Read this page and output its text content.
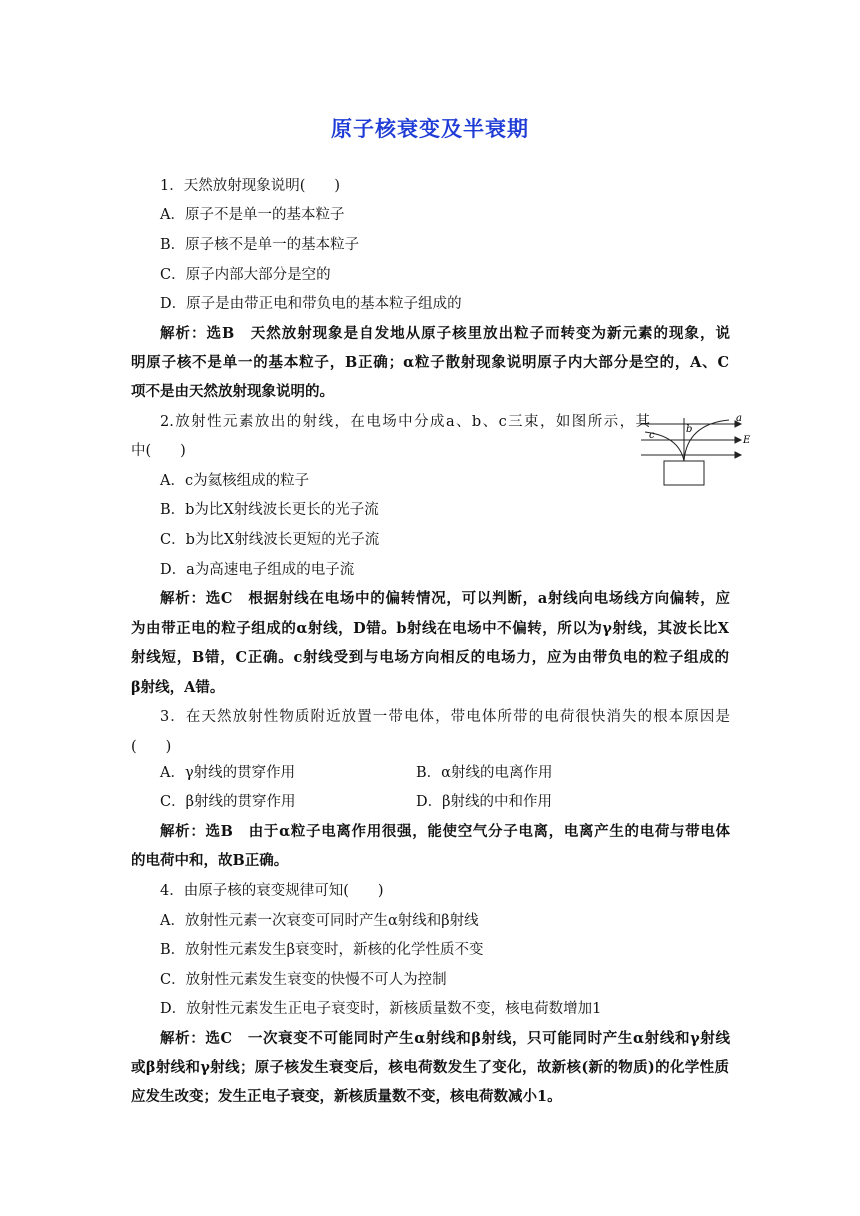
原子核衰变及半衰期
1．天然放射现象说明(　　)
A．原子不是单一的基本粒子
B．原子核不是单一的基本粒子
C．原子内部大部分是空的
D．原子是由带正电和带负电的基本粒子组成的
解析：选B　天然放射现象是自发地从原子核里放出粒子而转变为新元素的现象，说
明原子核不是单一的基本粒子，B正确；α粒子散射现象说明原子内大部分是空的，A、C
项不是由天然放射现象说明的。
2.放射性元素放出的射线，在电场中分成a、b、c三束，如图所示，其
中(　　)
a
b
c	E
A．c为氦核组成的粒子
B．b为比X射线波长更长的光子流
C．b为比X射线波长更短的光子流
D．a为高速电子组成的电子流
解析：选C　根据射线在电场中的偏转情况，可以判断，a射线向电场线方向偏转，应
为由带正电的粒子组成的α射线，D错。b射线在电场中不偏转，所以为γ射线，其波长比X
射线短，B错，C正确。c射线受到与电场方向相反的电场力，应为由带负电的粒子组成的
β射线，A错。
3．在天然放射性物质附近放置一带电体，带电体所带的电荷很快消失的根本原因是
(　　)
A．γ射线的贯穿作用	B．α射线的电离作用
C．β射线的贯穿作用	D．β射线的中和作用
解析：选B　由于α粒子电离作用很强，能使空气分子电离，电离产生的电荷与带电体
的电荷中和，故B正确。
4．由原子核的衰变规律可知(　　)
A．放射性元素一次衰变可同时产生α射线和β射线
B．放射性元素发生β衰变时，新核的化学性质不变
C．放射性元素发生衰变的快慢不可人为控制
D．放射性元素发生正电子衰变时，新核质量数不变，核电荷数增加1
解析：选C　一次衰变不可能同时产生α射线和β射线，只可能同时产生α射线和γ射线
或β射线和γ射线；原子核发生衰变后，核电荷数发生了变化，故新核(新的物质)的化学性质
应发生改变；发生正电子衰变，新核质量数不变，核电荷数减小1。
